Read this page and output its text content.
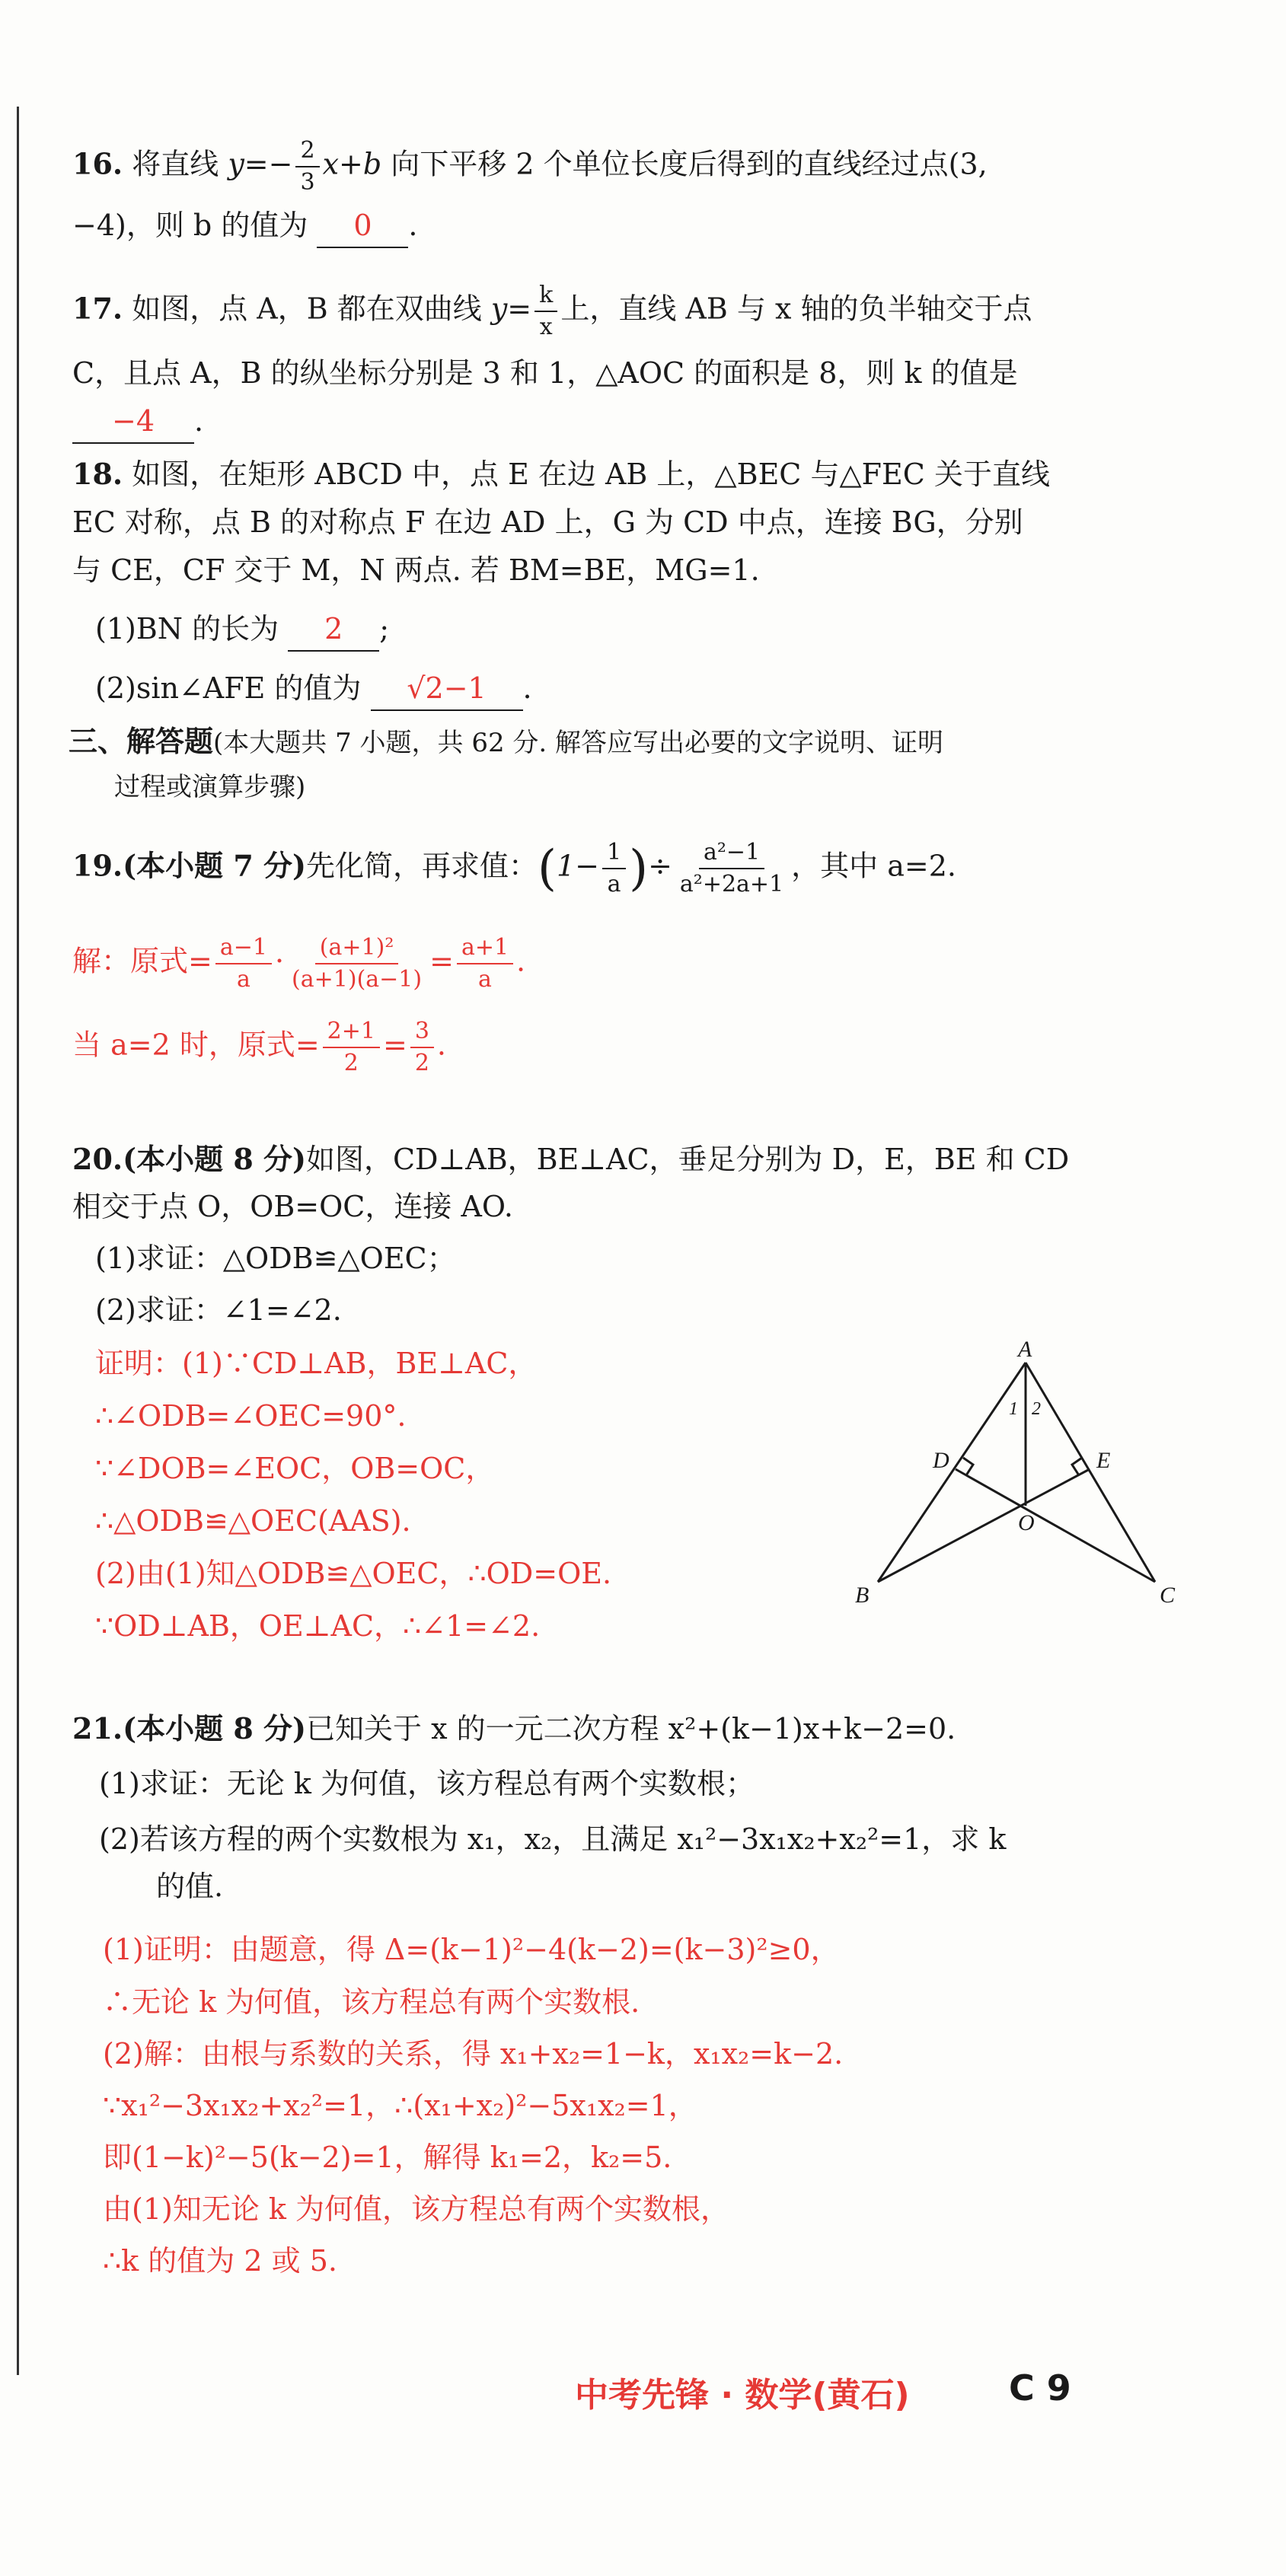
16. 将直线 $y=- \frac{2}{3} x+b$ 向下平移 2 个单位长度后得到的直线经过点(3,
−4)，则 b 的值为 0 .
17. 如图，点 A，B 都在双曲线 $y= \frac{k}{x}$ 上，直线 AB 与 x 轴的负半轴交于点
C，且点 A，B 的纵坐标分别是 3 和 1，△AOC 的面积是 8，则 k 的值是
−4 .
18. 如图，在矩形 ABCD 中，点 E 在边 AB 上，△BEC 与△FEC 关于直线
EC 对称，点 B 的对称点 F 在边 AD 上，G 为 CD 中点，连接 BG，分别
与 CE，CF 交于 M，N 两点. 若 BM=BE，MG=1.
(1)BN 的长为 2 ;
(2)sin∠AFE 的值为 √2−1 .
三、解答题(本大题共 7 小题，共 62 分. 解答应写出必要的文字说明、证明
过程或演算步骤)
19.(本小题 7 分)先化简，再求值：($1- \frac{1}{a}$ )÷ $\frac{\text{a²−1}}{\text{a²+2a+1}}$ ，其中 a=2.
解：原式= $\frac{a-1}{a} \cdot \frac{\text{(a+1)²}}{(a+1)(a-1)} = \frac{a+1}{a}$ .
当 a=2 时，原式= $\frac{2+1}{2} = \frac{3}{2}$ .
20.(本小题 8 分)如图，CD⊥AB，BE⊥AC，垂足分别为 D，E，BE 和 CD
相交于点 O，OB=OC，连接 AO.
(1)求证：△ODB≌△OEC；
(2)求证：∠1=∠2.
证明：(1)∵CD⊥AB，BE⊥AC，
∴∠ODB=∠OEC=90°.
∵∠DOB=∠EOC，OB=OC，
∴△ODB≌△OEC(AAS).
(2)由(1)知△ODB≌△OEC，∴OD=OE.
∵OD⊥AB，OE⊥AC，∴∠1=∠2.
A
B	C
D	E
O
1 2
21.(本小题 8 分)已知关于 x 的一元二次方程 x²+(k−1)x+k−2=0.
(1)求证：无论 k 为何值，该方程总有两个实数根；
(2)若该方程的两个实数根为 x₁，x₂，且满足 x₁²−3x₁x₂+x₂²=1，求 k
的值.
(1)证明：由题意，得 Δ=(k−1)²−4(k−2)=(k−3)²≥0，
∴无论 k 为何值，该方程总有两个实数根.
(2)解：由根与系数的关系，得 x₁+x₂=1−k，x₁x₂=k−2.
∵x₁²−3x₁x₂+x₂²=1，∴(x₁+x₂)²−5x₁x₂=1，
即(1−k)²−5(k−2)=1，解得 k₁=2，k₂=5.
由(1)知无论 k 为何值，该方程总有两个实数根，
∴k 的值为 2 或 5.
中考先锋 · 数学(黄石)	C 9
